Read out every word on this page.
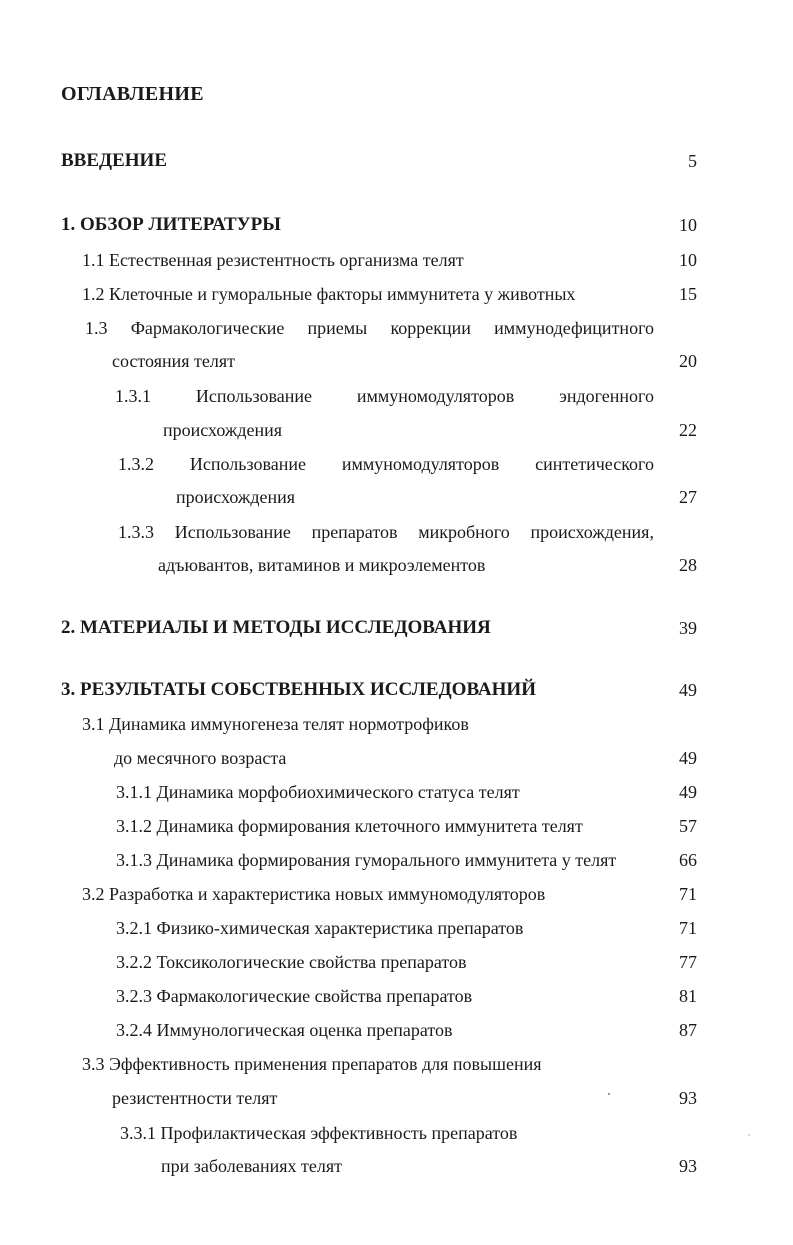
ОГЛАВЛЕНИЕ
ВВЕДЕНИЕ	5
1. ОБЗОР ЛИТЕРАТУРЫ	10
1.1 Естественная резистентность организма телят	10
1.2 Клеточные и гуморальные факторы иммунитета у животных	15
1.3 Фармакологические приемы коррекции иммунодефицитного
состояния телят	20
1.3.1 Использование иммуномодуляторов эндогенного
происхождения	22
1.3.2 Использование иммуномодуляторов синтетического
происхождения	27
1.3.3 Использование препаратов микробного происхождения,
адъювантов, витаминов и микроэлементов	28
2. МАТЕРИАЛЫ И МЕТОДЫ ИССЛЕДОВАНИЯ	39
3. РЕЗУЛЬТАТЫ СОБСТВЕННЫХ ИССЛЕДОВАНИЙ	49
3.1 Динамика иммуногенеза телят нормотрофиков
до месячного возраста	49
3.1.1 Динамика морфобиохимического статуса телят	49
3.1.2 Динамика формирования клеточного иммунитета телят	57
3.1.3 Динамика формирования гуморального иммунитета у телят	66
3.2 Разработка и характеристика новых иммуномодуляторов	71
3.2.1 Физико-химическая характеристика препаратов	71
3.2.2 Токсикологические свойства препаратов	77
3.2.3 Фармакологические свойства препаратов	81
3.2.4 Иммунологическая оценка препаратов	87
3.3 Эффективность применения препаратов для повышения
резистентности телят	93
3.3.1 Профилактическая эффективность препаратов
при заболеваниях телят	93
